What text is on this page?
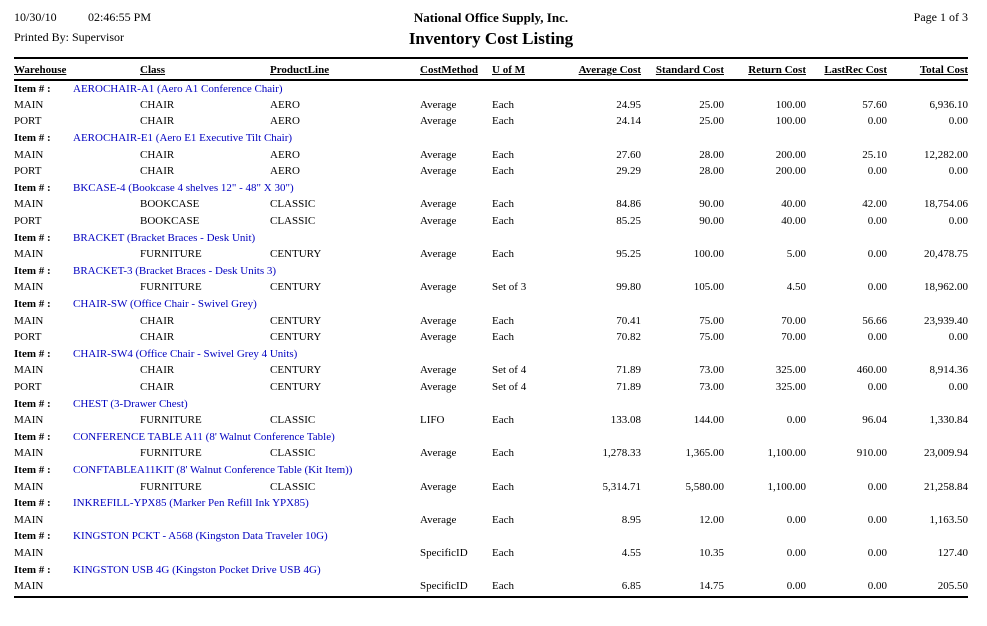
10/30/10	02:46:55 PM
Printed By: Supervisor
National Office Supply, Inc.
Inventory Cost Listing
Page 1 of 3
Warehouse	Class	ProductLine	CostMethod	U of M	Average Cost	Standard Cost	Return Cost	LastRec Cost	Total Cost
Item # : AEROCHAIR-A1 (Aero A1 Conference Chair)									
MAIN	CHAIR	AERO	Average	Each	24.95	25.00	100.00	57.60	6,936.10
PORT	CHAIR	AERO	Average	Each	24.14	25.00	100.00	0.00	0.00
Item # : AEROCHAIR-E1 (Aero E1 Executive Tilt Chair)									
MAIN	CHAIR	AERO	Average	Each	27.60	28.00	200.00	25.10	12,282.00
PORT	CHAIR	AERO	Average	Each	29.29	28.00	200.00	0.00	0.00
Item # : BKCASE-4 (Bookcase 4 shelves 12" - 48" X 30")									
MAIN	BOOKCASE	CLASSIC	Average	Each	84.86	90.00	40.00	42.00	18,754.06
PORT	BOOKCASE	CLASSIC	Average	Each	85.25	90.00	40.00	0.00	0.00
Item # : BRACKET (Bracket Braces - Desk Unit)									
MAIN	FURNITURE	CENTURY	Average	Each	95.25	100.00	5.00	0.00	20,478.75
Item # : BRACKET-3 (Bracket Braces - Desk Units 3)									
MAIN	FURNITURE	CENTURY	Average	Set of 3	99.80	105.00	4.50	0.00	18,962.00
Item # : CHAIR-SW (Office Chair - Swivel Grey)									
MAIN	CHAIR	CENTURY	Average	Each	70.41	75.00	70.00	56.66	23,939.40
PORT	CHAIR	CENTURY	Average	Each	70.82	75.00	70.00	0.00	0.00
Item # : CHAIR-SW4 (Office Chair - Swivel Grey 4 Units)									
MAIN	CHAIR	CENTURY	Average	Set of 4	71.89	73.00	325.00	460.00	8,914.36
PORT	CHAIR	CENTURY	Average	Set of 4	71.89	73.00	325.00	0.00	0.00
Item # : CHEST (3-Drawer Chest)									
MAIN	FURNITURE	CLASSIC	LIFO	Each	133.08	144.00	0.00	96.04	1,330.84
Item # : CONFERENCE TABLE A11 (8' Walnut Conference Table)									
MAIN	FURNITURE	CLASSIC	Average	Each	1,278.33	1,365.00	1,100.00	910.00	23,009.94
Item # : CONFTABLEA11KIT (8' Walnut Conference Table (Kit Item))									
MAIN	FURNITURE	CLASSIC	Average	Each	5,314.71	5,580.00	1,100.00	0.00	21,258.84
Item # : INKREFILL-YPX85 (Marker Pen Refill Ink YPX85)									
MAIN			Average	Each	8.95	12.00	0.00	0.00	1,163.50
Item # : KINGSTON PCKT - A568 (Kingston Data Traveler 10G)									
MAIN			SpecificID	Each	4.55	10.35	0.00	0.00	127.40
Item # : KINGSTON USB 4G (Kingston Pocket Drive USB 4G)									
MAIN			SpecificID	Each	6.85	14.75	0.00	0.00	205.50
